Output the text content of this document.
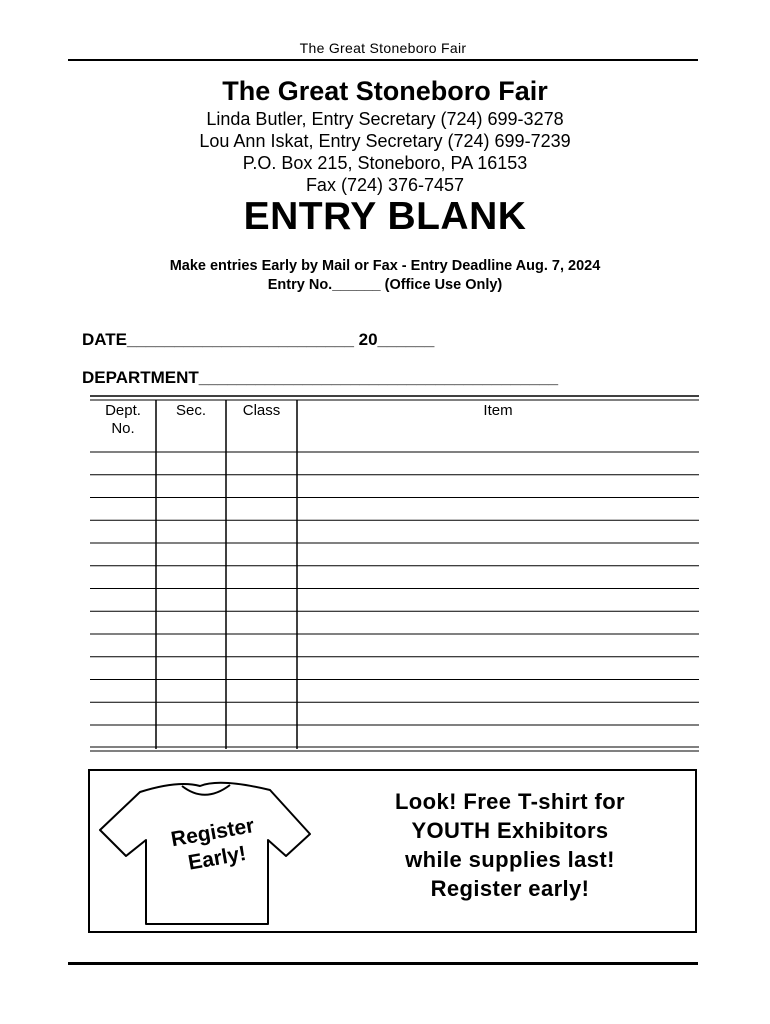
The Great Stoneboro Fair
The Great Stoneboro Fair
Linda Butler, Entry Secretary (724) 699-3278
Lou Ann Iskat, Entry Secretary (724) 699-7239
P.O. Box 215, Stoneboro, PA 16153
Fax (724) 376-7457
ENTRY BLANK
Make entries Early by Mail or Fax - Entry Deadline Aug. 7, 2024
Entry No.______ (Office Use Only)
DATE________________________ 20______
DEPARTMENT______________________________________
Dept.
No.
Sec.	Class	Item
Register
Early!
Look! Free T-shirt for
YOUTH Exhibitors
while supplies last!
Register early!
